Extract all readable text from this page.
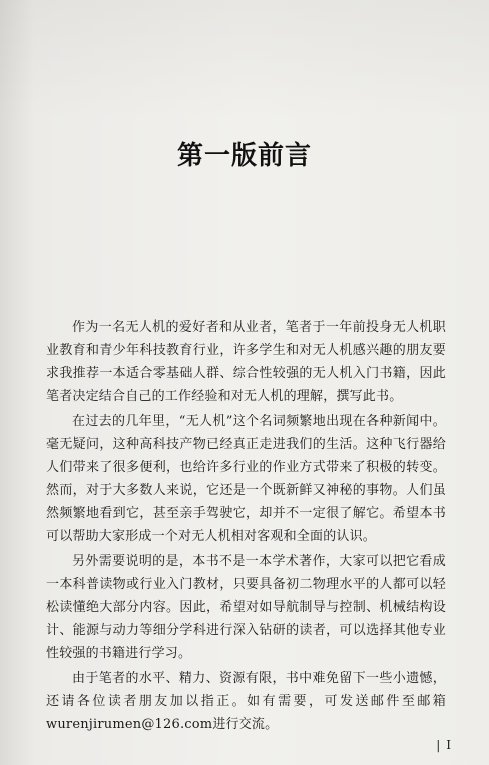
第一版前言

作为一名无人机的爱好者和从业者，笔者于一年前投身无人机职业教育和青少年科技教育行业，许多学生和对无人机感兴趣的朋友要求我推荐一本适合零基础人群、综合性较强的无人机入门书籍，因此笔者决定结合自己的工作经验和对无人机的理解，撰写此书。

在过去的几年里，“无人机”这个名词频繁地出现在各种新闻中。毫无疑问，这种高科技产物已经真正走进我们的生活。这种飞行器给人们带来了很多便利，也给许多行业的作业方式带来了积极的转变。然而，对于大多数人来说，它还是一个既新鲜又神秘的事物。人们虽然频繁地看到它，甚至亲手驾驶它，却并不一定很了解它。希望本书可以帮助大家形成一个对无人机相对客观和全面的认识。

另外需要说明的是，本书不是一本学术著作，大家可以把它看成一本科普读物或行业入门教材，只要具备初二物理水平的人都可以轻松读懂绝大部分内容。因此，希望对如导航制导与控制、机械结构设计、能源与动力等细分学科进行深入钻研的读者，可以选择其他专业性较强的书籍进行学习。

由于笔者的水平、精力、资源有限，书中难免留下一些小遗憾，还请各位读者朋友加以指正。如有需要，可发送邮件至邮箱wurenjirumen@126.com进行交流。

|I
